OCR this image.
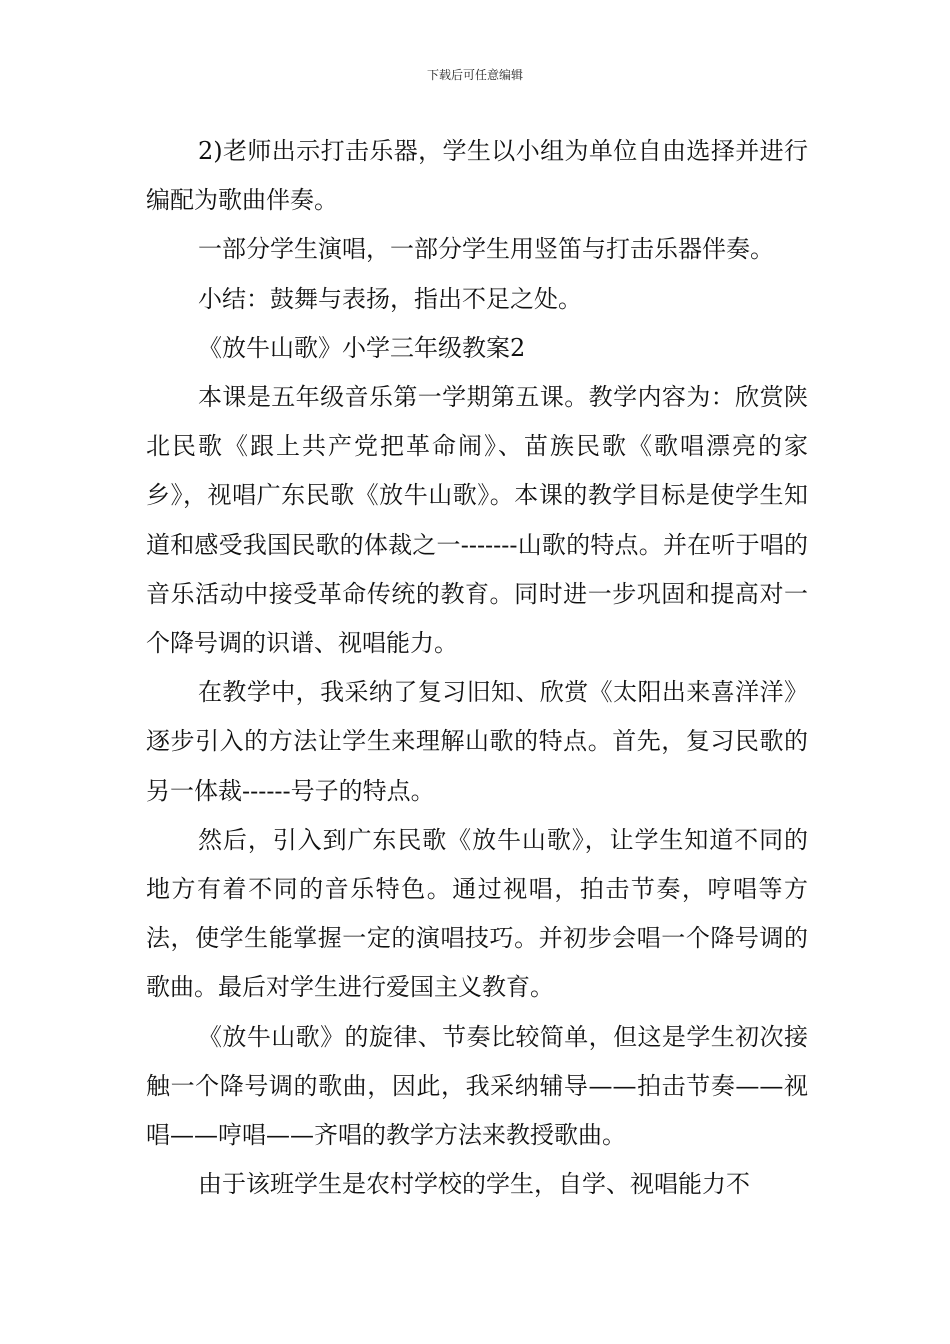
下载后可任意编辑

2)老师出示打击乐器，学生以小组为单位自由选择并进行编配为歌曲伴奏。

一部分学生演唱，一部分学生用竖笛与打击乐器伴奏。

小结：鼓舞与表扬，指出不足之处。

《放牛山歌》小学三年级教案2

本课是五年级音乐第一学期第五课。教学内容为：欣赏陕北民歌《跟上共产党把革命闹》、苗族民歌《歌唱漂亮的家乡》，视唱广东民歌《放牛山歌》。本课的教学目标是使学生知道和感受我国民歌的体裁之一-------山歌的特点。并在听于唱的音乐活动中接受革命传统的教育。同时进一步巩固和提高对一个降号调的识谱、视唱能力。

在教学中，我采纳了复习旧知、欣赏《太阳出来喜洋洋》逐步引入的方法让学生来理解山歌的特点。首先，复习民歌的另一体裁------号子的特点。

然后，引入到广东民歌《放牛山歌》，让学生知道不同的地方有着不同的音乐特色。通过视唱，拍击节奏，哼唱等方法，使学生能掌握一定的演唱技巧。并初步会唱一个降号调的歌曲。最后对学生进行爱国主义教育。

《放牛山歌》的旋律、节奏比较简单，但这是学生初次接触一个降号调的歌曲，因此，我采纳辅导——拍击节奏——视唱——哼唱——齐唱的教学方法来教授歌曲。

由于该班学生是农村学校的学生，自学、视唱能力不
